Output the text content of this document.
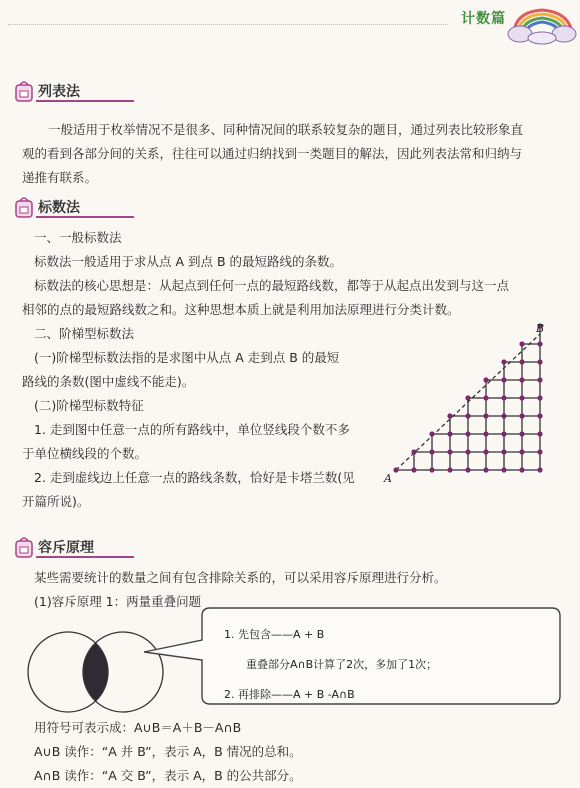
计数篇
列表法
一般适用于枚举情况不是很多、同种情况间的联系较复杂的题目，通过列表比较形象直
观的看到各部分间的关系，往往可以通过归纳找到一类题目的解法，因此列表法常和归纳与
递推有联系。
标数法
一、一般标数法
标数法一般适用于求从点 A 到点 B 的最短路线的条数。
标数法的核心思想是：从起点到任何一点的最短路线数，都等于从起点出发到与这一点
相邻的点的最短路线数之和。这种思想本质上就是利用加法原理进行分类计数。
二、阶梯型标数法
(一)阶梯型标数法指的是求图中从点 A 走到点 B 的最短
路线的条数(图中虚线不能走)。
(二)阶梯型标数特征
1. 走到图中任意一点的所有路线中，单位竖线段个数不多
于单位横线段的个数。
2. 走到虚线边上任意一点的路线条数，恰好是卡塔兰数(见
开篇所说)。
A
B
容斥原理
某些需要统计的数量之间有包含排除关系的，可以采用容斥原理进行分析。
(1)容斥原理 1：两量重叠问题
1. 先包含——A + B
重叠部分A∩B计算了2次，多加了1次；
2. 再排除——A + B -A∩B
用符号可表示成：A∪B＝A＋B－A∩B
A∪B 读作：“A 并 B”，表示 A，B 情况的总和。
A∩B 读作：“A 交 B”，表示 A，B 的公共部分。
